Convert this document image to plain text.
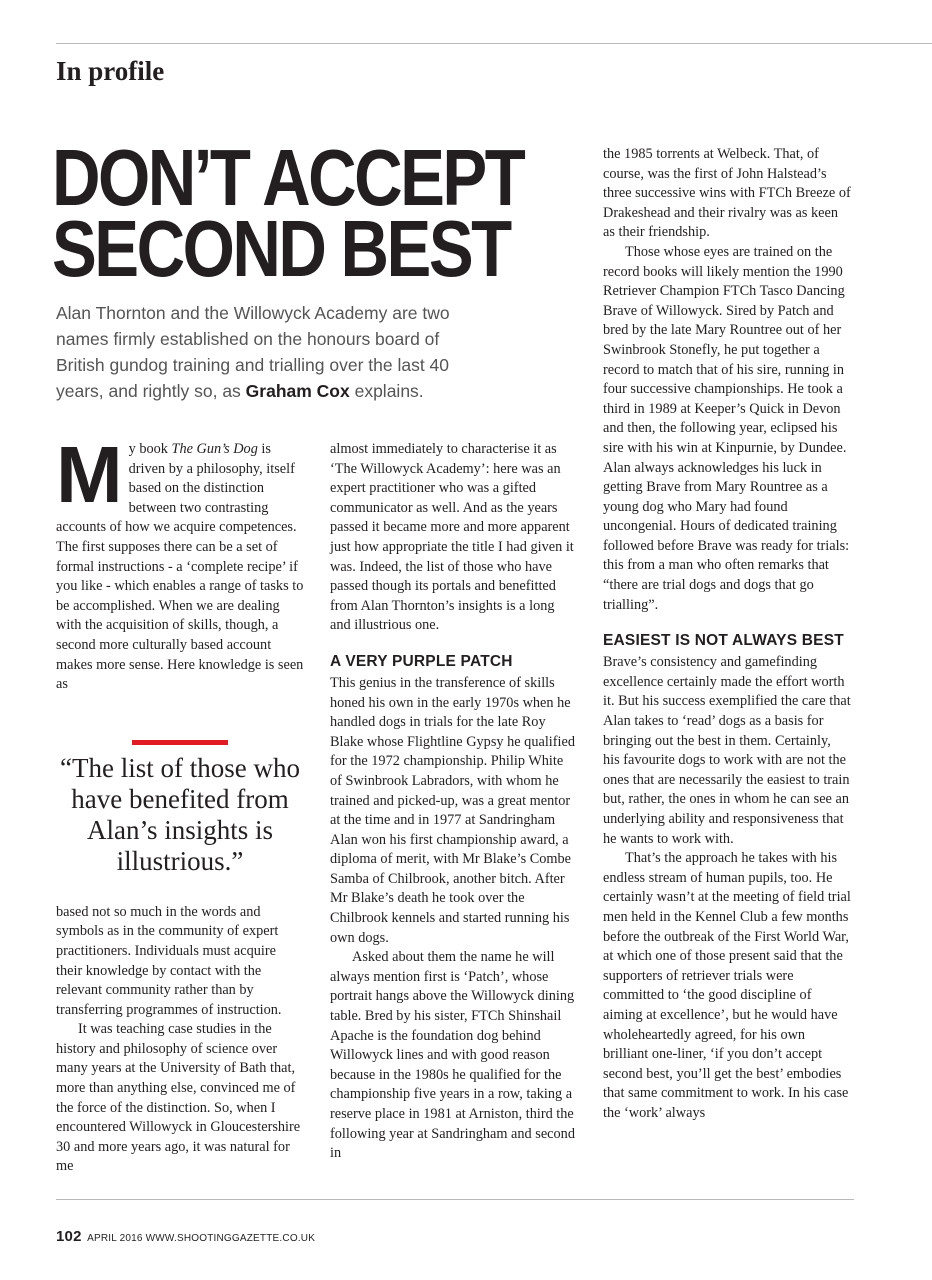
In profile
DON’T ACCEPT
SECOND BEST

Alan Thornton and the Willowyck Academy are two names firmly established on the honours board of British gundog training and trialling over the last 40 years, and rightly so, as Graham Cox explains.

My book The Gun’s Dog is driven by a philosophy, itself based on the distinction between two contrasting accounts of how we acquire competences. The first supposes there can be a set of formal instructions - a ‘complete recipe’ if you like - which enables a range of tasks to be accomplished. When we are dealing with the acquisition of skills, though, a second more culturally based account makes more sense. Here knowledge is seen as

based not so much in the words and symbols as in the community of expert practitioners. Individuals must acquire their knowledge by contact with the relevant community rather than by transferring programmes of instruction.

It was teaching case studies in the history and philosophy of science over many years at the University of Bath that, more than anything else, convinced me of the force of the distinction. So, when I encountered Willowyck in Gloucestershire 30 and more years ago, it was natural for me

“The list of those who have benefited from Alan’s insights is illustrious.”

almost immediately to characterise it as ‘The Willowyck Academy’: here was an expert practitioner who was a gifted communicator as well. And as the years passed it became more and more apparent just how appropriate the title I had given it was. Indeed, the list of those who have passed though its portals and benefitted from Alan Thornton’s insights is a long and illustrious one.

A VERY PURPLE PATCH

This genius in the transference of skills honed his own in the early 1970s when he handled dogs in trials for the late Roy Blake whose Flightline Gypsy he qualified for the 1972 championship. Philip White of Swinbrook Labradors, with whom he trained and picked-up, was a great mentor at the time and in 1977 at Sandringham Alan won his first championship award, a diploma of merit, with Mr Blake’s Combe Samba of Chilbrook, another bitch. After Mr Blake’s death he took over the Chilbrook kennels and started running his own dogs.

Asked about them the name he will always mention first is ‘Patch’, whose portrait hangs above the Willowyck dining table. Bred by his sister, FTCh Shinshail Apache is the foundation dog behind Willowyck lines and with good reason because in the 1980s he qualified for the championship five years in a row, taking a reserve place in 1981 at Arniston, third the following year at Sandringham and second in

the 1985 torrents at Welbeck. That, of course, was the first of John Halstead’s three successive wins with FTCh Breeze of Drakeshead and their rivalry was as keen as their friendship.

Those whose eyes are trained on the record books will likely mention the 1990 Retriever Champion FTCh Tasco Dancing Brave of Willowyck. Sired by Patch and bred by the late Mary Rountree out of her Swinbrook Stonefly, he put together a record to match that of his sire, running in four successive championships. He took a third in 1989 at Keeper’s Quick in Devon and then, the following year, eclipsed his sire with his win at Kinpurnie, by Dundee. Alan always acknowledges his luck in getting Brave from Mary Rountree as a young dog who Mary had found uncongenial. Hours of dedicated training followed before Brave was ready for trials: this from a man who often remarks that “there are trial dogs and dogs that go trialling”.

EASIEST IS NOT ALWAYS BEST

Brave’s consistency and gamefinding excellence certainly made the effort worth it. But his success exemplified the care that Alan takes to ‘read’ dogs as a basis for bringing out the best in them. Certainly, his favourite dogs to work with are not the ones that are necessarily the easiest to train but, rather, the ones in whom he can see an underlying ability and responsiveness that he wants to work with.

That’s the approach he takes with his endless stream of human pupils, too. He certainly wasn’t at the meeting of field trial men held in the Kennel Club a few months before the outbreak of the First World War, at which one of those present said that the supporters of retriever trials were committed to ‘the good discipline of aiming at excellence’, but he would have wholeheartedly agreed, for his own brilliant one-liner, ‘if you don’t accept second best, you’ll get the best’ embodies that same commitment to work. In his case the ‘work’ always

102 APRIL 2016 WWW.SHOOTINGGAZETTE.CO.UK
